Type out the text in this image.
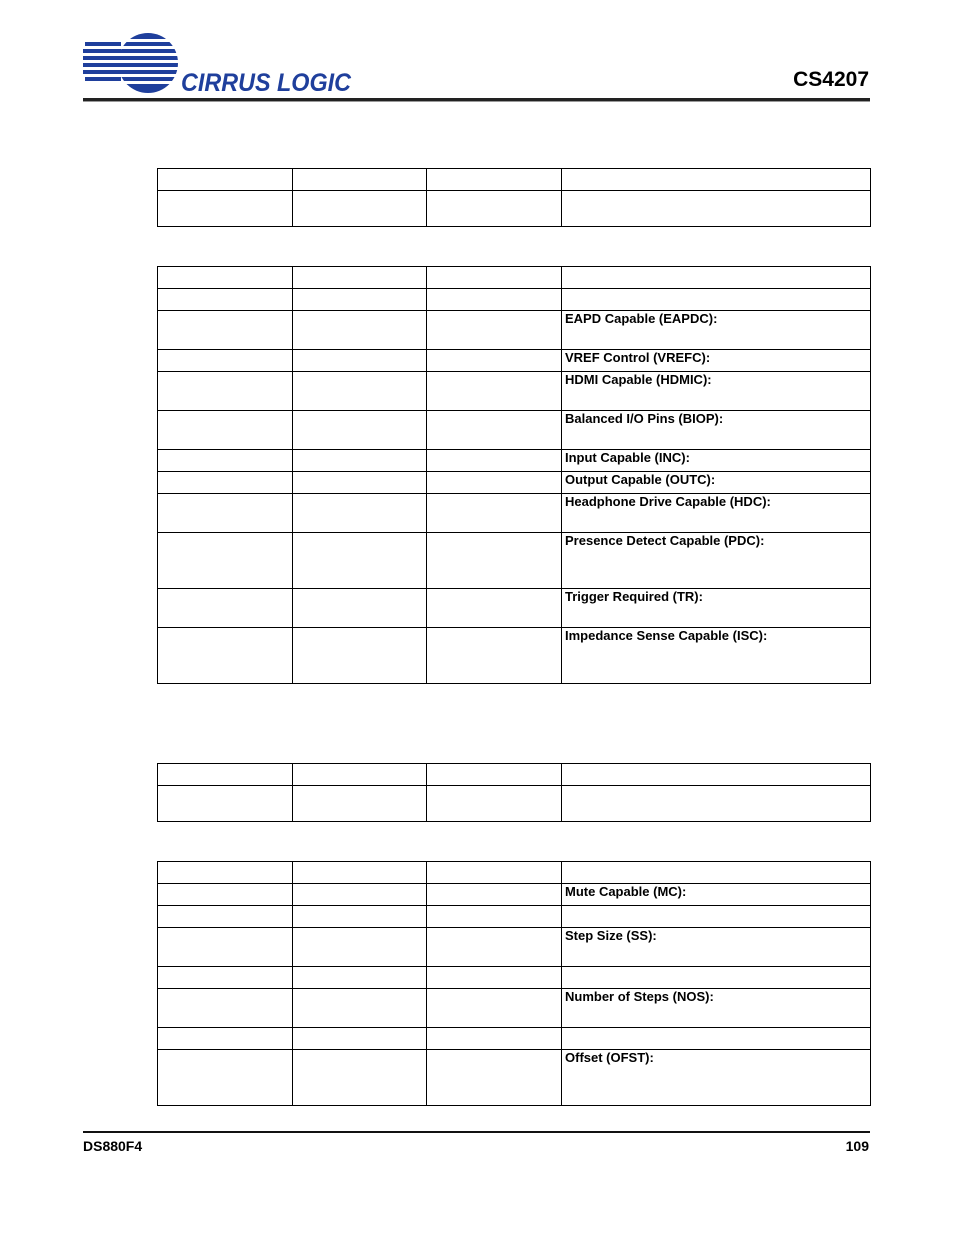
CIRRUS LOGIC	CS4207

			EAPD Capable (EAPDC):
			VREF Control (VREFC):
			HDMI Capable (HDMIC):
			Balanced I/O Pins (BIOP):
			Input Capable (INC):
			Output Capable (OUTC):
			Headphone Drive Capable (HDC):
			Presence Detect Capable (PDC):
			Trigger Required (TR):
			Impedance Sense Capable (ISC):

			Mute Capable (MC):

			Step Size (SS):

			Number of Steps (NOS):

			Offset (OFST):
DS880F4	109
